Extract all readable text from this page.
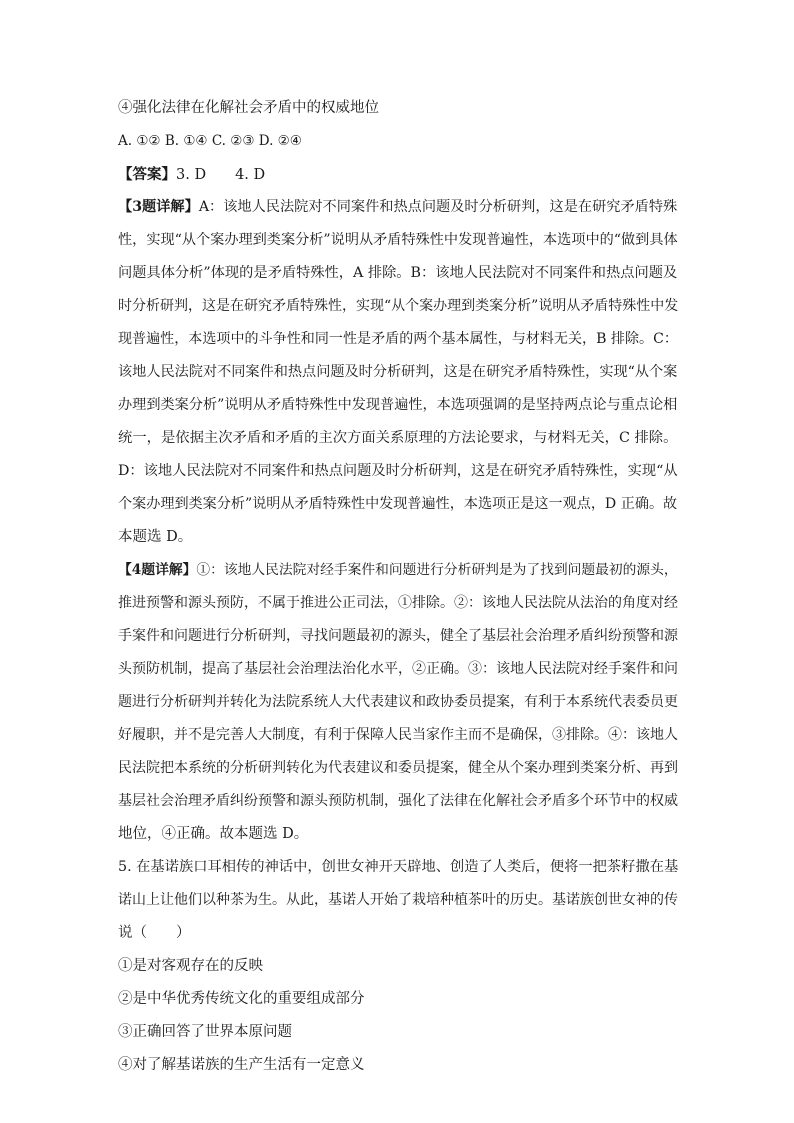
④强化法律在化解社会矛盾中的权威地位
A. ①② B. ①④ C. ②③ D. ②④
【答案】3. D　　4. D
【3题详解】A：该地人民法院对不同案件和热点问题及时分析研判，这是在研究矛盾特殊
性，实现“从个案办理到类案分析”说明从矛盾特殊性中发现普遍性，本选项中的“做到具体
问题具体分析”体现的是矛盾特殊性，A 排除。B：该地人民法院对不同案件和热点问题及
时分析研判，这是在研究矛盾特殊性，实现“从个案办理到类案分析”说明从矛盾特殊性中发
现普遍性，本选项中的斗争性和同一性是矛盾的两个基本属性，与材料无关，B 排除。C：
该地人民法院对不同案件和热点问题及时分析研判，这是在研究矛盾特殊性，实现“从个案
办理到类案分析”说明从矛盾特殊性中发现普遍性，本选项强调的是坚持两点论与重点论相
统一，是依据主次矛盾和矛盾的主次方面关系原理的方法论要求，与材料无关，C 排除。
D：该地人民法院对不同案件和热点问题及时分析研判，这是在研究矛盾特殊性，实现“从
个案办理到类案分析”说明从矛盾特殊性中发现普遍性，本选项正是这一观点，D 正确。故
本题选 D。
【4题详解】①：该地人民法院对经手案件和问题进行分析研判是为了找到问题最初的源头，
推进预警和源头预防，不属于推进公正司法，①排除。②：该地人民法院从法治的角度对经
手案件和问题进行分析研判，寻找问题最初的源头，健全了基层社会治理矛盾纠纷预警和源
头预防机制，提高了基层社会治理法治化水平，②正确。③：该地人民法院对经手案件和问
题进行分析研判并转化为法院系统人大代表建议和政协委员提案，有利于本系统代表委员更
好履职，并不是完善人大制度，有利于保障人民当家作主而不是确保，③排除。④：该地人
民法院把本系统的分析研判转化为代表建议和委员提案，健全从个案办理到类案分析、再到
基层社会治理矛盾纠纷预警和源头预防机制，强化了法律在化解社会矛盾多个环节中的权威
地位，④正确。故本题选 D。
5. 在基诺族口耳相传的神话中，创世女神开天辟地、创造了人类后，便将一把茶籽撒在基
诺山上让他们以种茶为生。从此，基诺人开始了栽培种植茶叶的历史。基诺族创世女神的传
说（　　）
①是对客观存在的反映
②是中华优秀传统文化的重要组成部分
③正确回答了世界本原问题
④对了解基诺族的生产生活有一定意义
